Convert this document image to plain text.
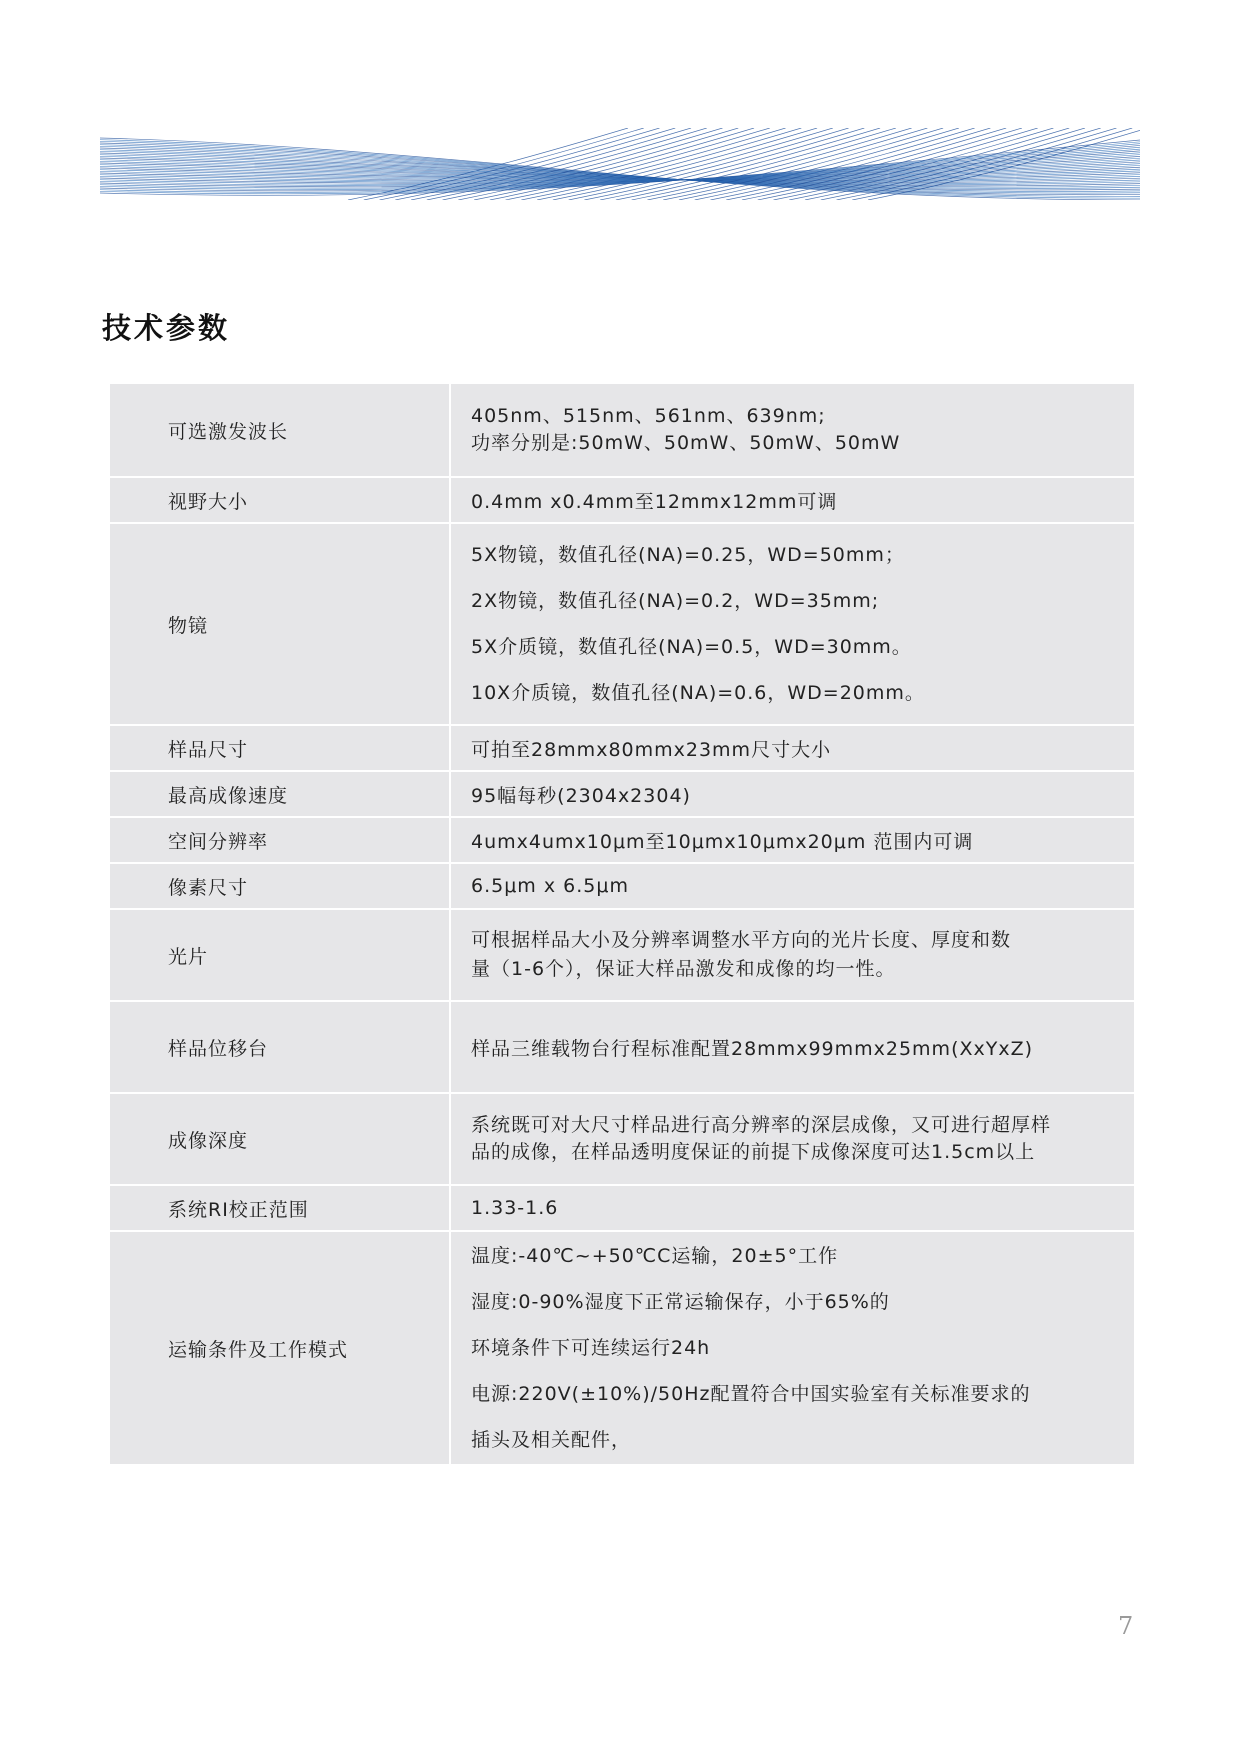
技术参数
可选激发波长	405nm、515nm、561nm、639nm;
功率分别是:50mW、50mW、50mW、50mW

视野大小	0.4mm x0.4mm至12mmx12mm可调

物镜	5X物镜，数值孔径(NA)=0.25，WD=50mm；
2X物镜，数值孔径(NA)=0.2，WD=35mm;
5X介质镜，数值孔径(NA)=0.5，WD=30mm。
10X介质镜，数值孔径(NA)=0.6，WD=20mm。

样品尺寸	可拍至28mmx80mmx23mm尺寸大小

最高成像速度	95幅每秒(2304x2304)

空间分辨率	4umx4umx10μm至10μmx10μmx20μm 范围内可调

像素尺寸	6.5μm x 6.5μm

光片	可根据样品大小及分辨率调整水平方向的光片长度、厚度和数
量（1-6个），保证大样品激发和成像的均一性。

样品位移台	样品三维载物台行程标准配置28mmx99mmx25mm(XxYxZ)

成像深度	系统既可对大尺寸样品进行高分辨率的深层成像，又可进行超厚样
品的成像，在样品透明度保证的前提下成像深度可达1.5cm以上

系统RI校正范围	1.33-1.6

运输条件及工作模式	温度:-40℃~+50℃C运输，20±5°工作
湿度:0-90%湿度下正常运输保存，小于65%的
环境条件下可连续运行24h
电源:220V(±10%)/50Hz配置符合中国实验室有关标准要求的
插头及相关配件，
7
